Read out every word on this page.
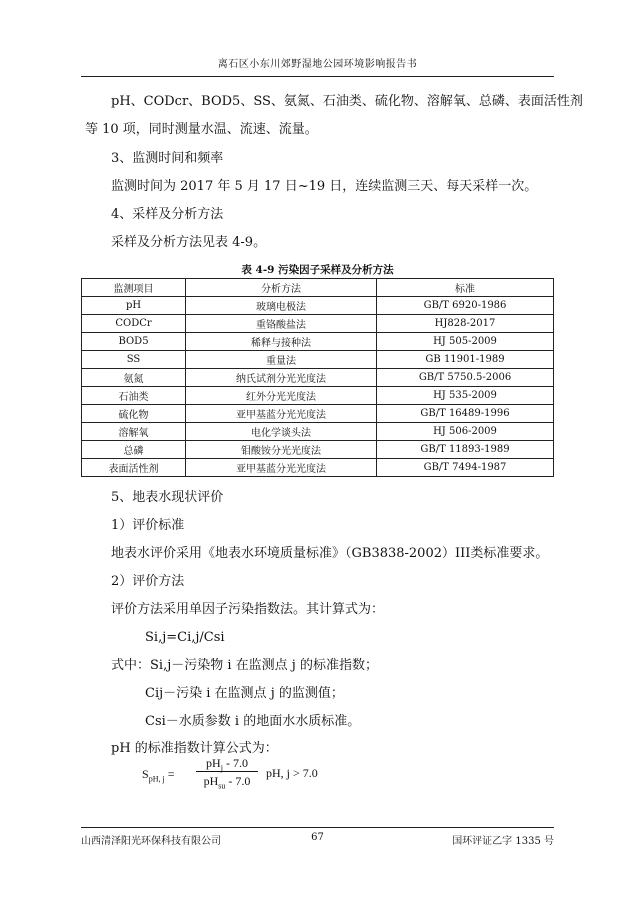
离石区小东川郊野湿地公园环境影响报告书
pH、CODcr、BOD5、SS、氨氮、石油类、硫化物、溶解氧、总磷、表面活性剂
等 10 项，同时测量水温、流速、流量。
3、监测时间和频率
监测时间为 2017 年 5 月 17 日~19 日，连续监测三天、每天采样一次。
4、采样及分析方法
采样及分析方法见表 4-9。
表 4-9 污染因子采样及分析方法
监测项目	分析方法	标准
pH	玻璃电极法	GB/T 6920-1986
CODCr	重铬酸盐法	HJ828-2017
BOD5	稀释与接种法	HJ 505-2009
SS	重量法	GB 11901-1989
氨氮	纳氏试剂分光光度法	GB/T 5750.5-2006
石油类	红外分光光度法	HJ 535-2009
硫化物	亚甲基蓝分光光度法	GB/T 16489-1996
溶解氧	电化学谈头法	HJ 506-2009
总磷	钼酸铵分光光度法	GB/T 11893-1989
表面活性剂	亚甲基蓝分光光度法	GB/T 7494-1987
5、地表水现状评价
1）评价标准
地表水评价采用《地表水环境质量标准》（GB3838-2002）III类标准要求。
2）评价方法
评价方法采用单因子污染指数法。其计算式为：
Si,j=Ci,j/Csi
式中：Si,j－污染物 i 在监测点 j 的标准指数；
Cij－污染 i 在监测点 j 的监测值；
Csi－水质参数 i 的地面水水质标准。
pH 的标准指数计算公式为：
$S_{pH, j}$ =
$pH_j - 7.0$
$pH_{su} - 7.0$
pH, j > 7.0
山西清泽阳光环保科技有限公司	67	国环评证乙字 1335 号
